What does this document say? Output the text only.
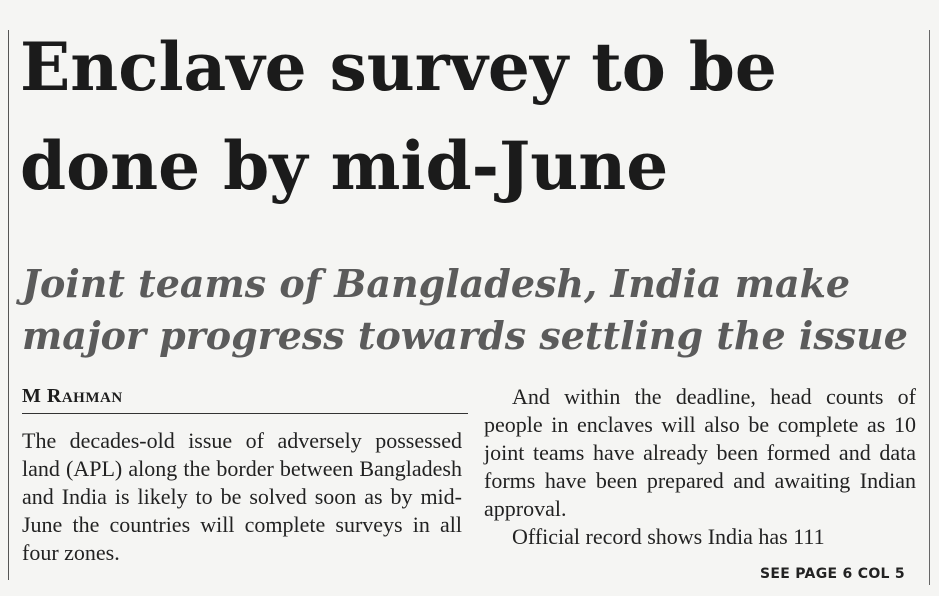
Enclave survey to be
done by mid-June
Joint teams of Bangladesh, India make
major progress towards settling the issue

M RAHMAN

The decades-old issue of adversely possessed land (APL) along the border between Bangladesh and India is likely to be solved soon as by mid-June the countries will complete surveys in all four zones.

And within the deadline, head counts of people in enclaves will also be complete as 10 joint teams have already been formed and data forms have been prepared and awaiting Indian approval.
Official record shows India has 111

SEE PAGE 6 COL 5
